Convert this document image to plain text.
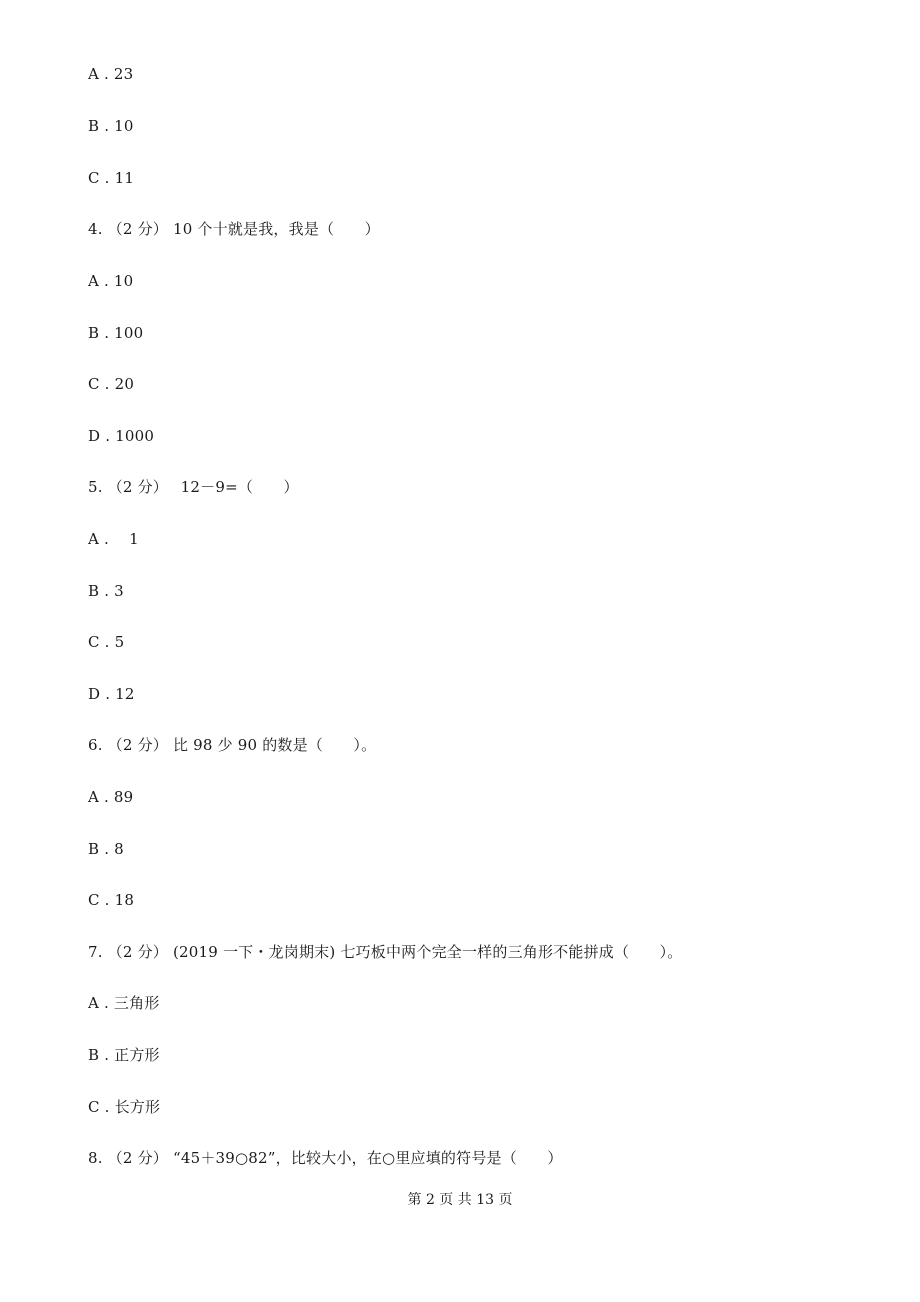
A . 23
B . 10
C . 11
4. （2 分） 10 个十就是我，我是（　　）
A . 10
B . 100
C . 20
D . 1000
5. （2 分）　 12－9=（　　）
A .　 1
B . 3
C . 5
D . 12
6. （2 分） 比 98 少 90 的数是（　　）。
A . 89
B . 8
C . 18
7. （2 分） (2019 一下・龙岗期末) 七巧板中两个完全一样的三角形不能拼成（　　）。
A . 三角形
B . 正方形
C . 长方形
8. （2 分） “45＋39○82”，比较大小，在○里应填的符号是（　　）
第 2 页 共 13 页
